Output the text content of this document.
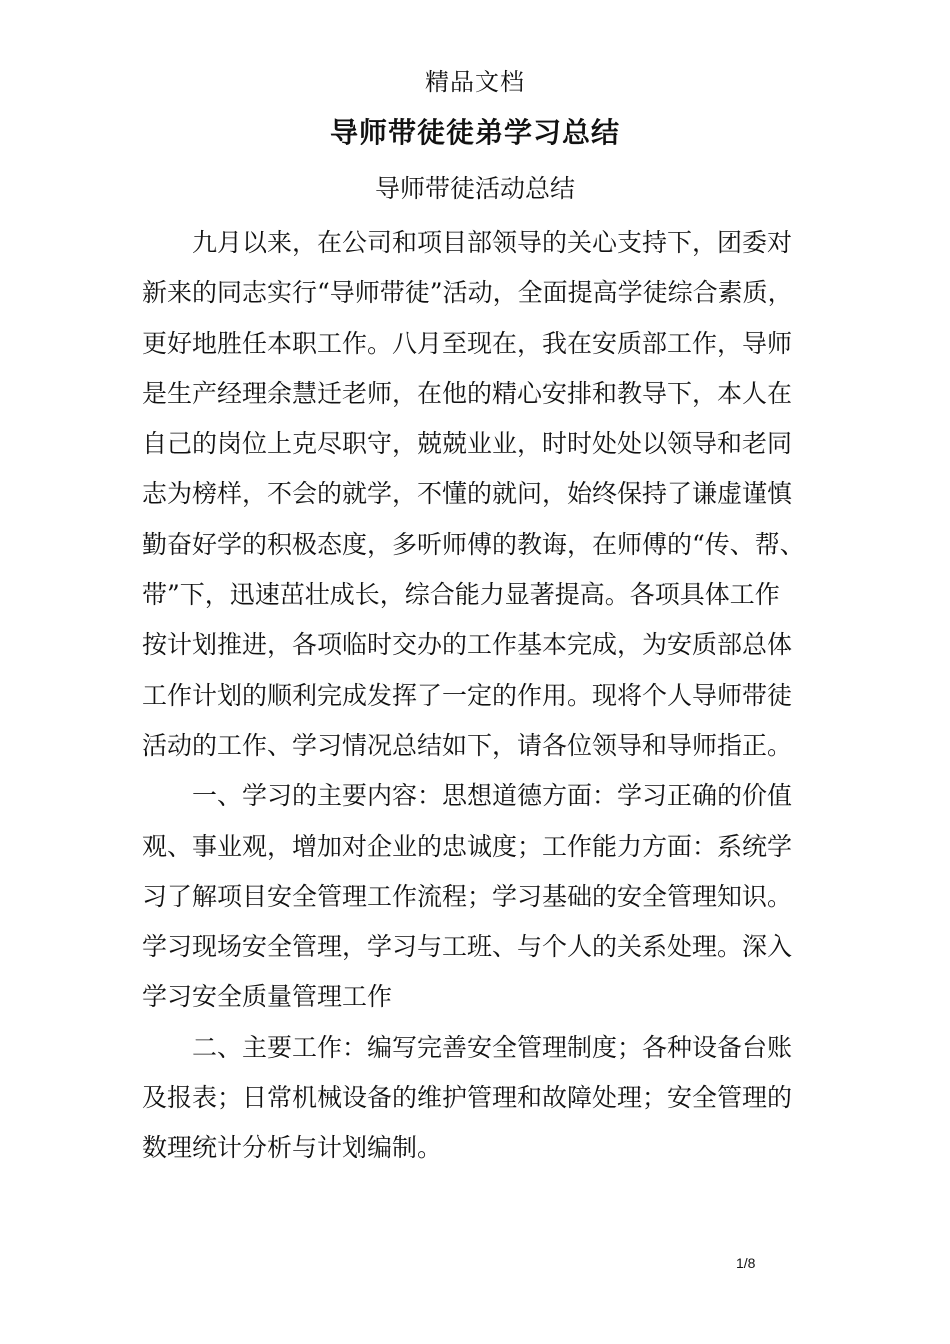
精品文档
导师带徒徒弟学习总结
导师带徒活动总结
　　九月以来，在公司和项目部领导的关心支持下，团委对
新来的同志实行“导师带徒”活动，全面提高学徒综合素质，
更好地胜任本职工作。八月至现在，我在安质部工作，导师
是生产经理余慧迁老师，在他的精心安排和教导下，本人在
自己的岗位上克尽职守，兢兢业业，时时处处以领导和老同
志为榜样，不会的就学，不懂的就问，始终保持了谦虚谨慎
勤奋好学的积极态度，多听师傅的教诲，在师傅的“传、帮、
带”下，迅速茁壮成长，综合能力显著提高。各项具体工作
按计划推进，各项临时交办的工作基本完成，为安质部总体
工作计划的顺利完成发挥了一定的作用。现将个人导师带徒
活动的工作、学习情况总结如下，请各位领导和导师指正。
　　一、学习的主要内容：思想道德方面：学习正确的价值
观、事业观，增加对企业的忠诚度；工作能力方面：系统学
习了解项目安全管理工作流程；学习基础的安全管理知识。
学习现场安全管理，学习与工班、与个人的关系处理。深入
学习安全质量管理工作
　　二、主要工作：编写完善安全管理制度；各种设备台账
及报表；日常机械设备的维护管理和故障处理；安全管理的
数理统计分析与计划编制。
1/8
